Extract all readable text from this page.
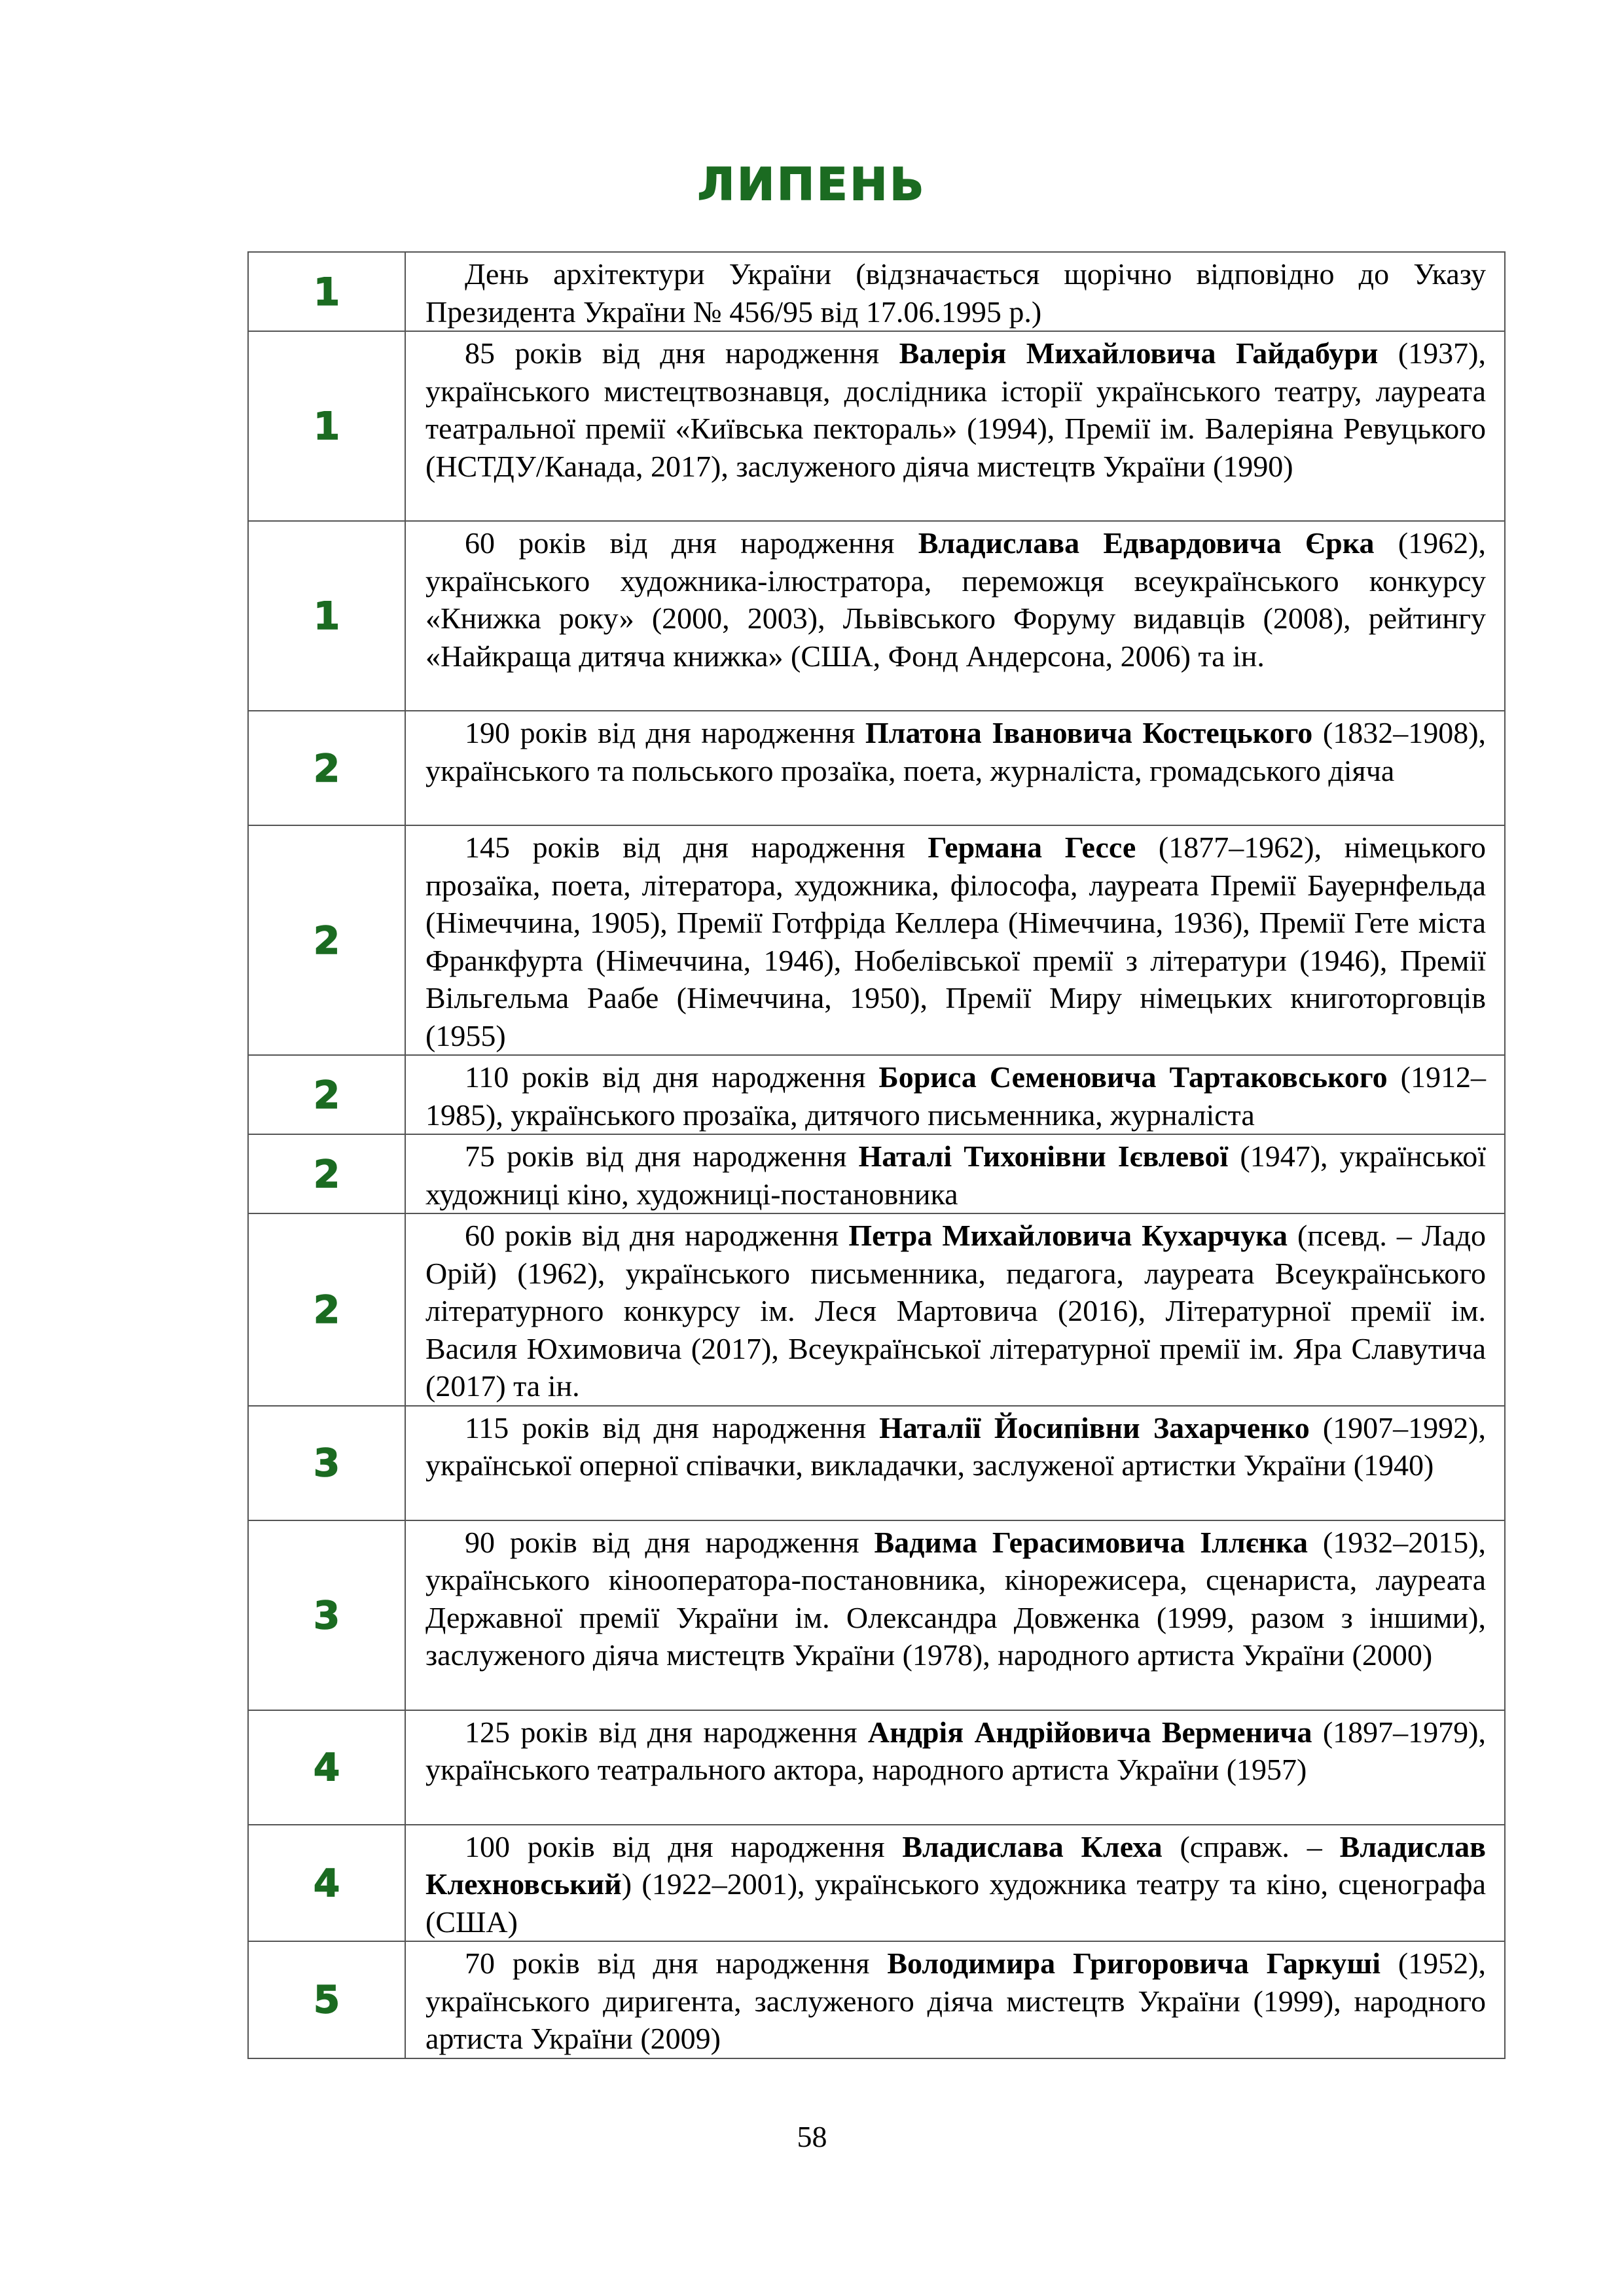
ЛИПЕНЬ
1	День архітектури України (відзначається щорічно відповідно до Указу Президента України № 456/95 від 17.06.1995 р.)

1	85 років від дня народження Валерія Михайловича Гайдабури (1937), українського мистецтвознавця, дослідника історії українського театру, лауреата театральної премії «Київська пектораль» (1994), Премії ім. Валеріяна Ревуцького (НСТДУ/Канада, 2017), заслуженого діяча мистецтв України (1990)

1	60 років від дня народження Владислава Едвардовича Єрка (1962), українського художника-ілюстратора, переможця всеукраїнського конкурсу «Книжка року» (2000, 2003), Львівського Форуму видавців (2008), рейтингу «Найкраща дитяча книжка» (США, Фонд Андерсона, 2006) та ін.

2	190 років від дня народження Платона Івановича Костецького (1832–1908), українського та польського прозаїка, поета, журналіста, громадського діяча

2	145 років від дня народження Германа Гессе (1877–1962), німецького прозаїка, поета, літератора, художника, філософа, лауреата Премії Бауернфельда (Німеччина, 1905), Премії Готфріда Келлера (Німеччина, 1936), Премії Гете міста Франкфурта (Німеччина, 1946), Нобелівської премії з літератури (1946), Премії Вільгельма Раабе (Німеччина, 1950), Премії Миру німецьких книготорговців (1955)

2	110 років від дня народження Бориса Семеновича Тартаковського (1912–1985), українського прозаїка, дитячого письменника, журналіста

2	75 років від дня народження Наталі Тихонівни Ієвлевої (1947), української художниці кіно, художниці-постановника

2	60 років від дня народження Петра Михайловича Кухарчука (псевд. – Ладо Орій) (1962), українського письменника, педагога, лауреата Всеукраїнського літературного конкурсу ім. Леся Мартовича (2016), Літературної премії ім. Василя Юхимовича (2017), Всеукраїнської літературної премії ім. Яра Славутича (2017) та ін.

3	115 років від дня народження Наталії Йосипівни Захарченко (1907–1992), української оперної співачки, викладачки, заслуженої артистки України (1940)

3	90 років від дня народження Вадима Герасимовича Іллєнка (1932–2015), українського кінооператора-постановника, кінорежисера, сценариста, лауреата Державної премії України ім. Олександра Довженка (1999, разом з іншими), заслуженого діяча мистецтв України (1978), народного артиста України (2000)

4	125 років від дня народження Андрія Андрійовича Верменича (1897–1979), українського театрального актора, народного артиста України (1957)

4	100 років від дня народження Владислава Клеха (справж. – Владислав Клехновський) (1922–2001), українського художника театру та кіно, сценографа (США)

5	70 років від дня народження Володимира Григоровича Гаркуші (1952), українського диригента, заслуженого діяча мистецтв України (1999), народного артиста України (2009)

58
